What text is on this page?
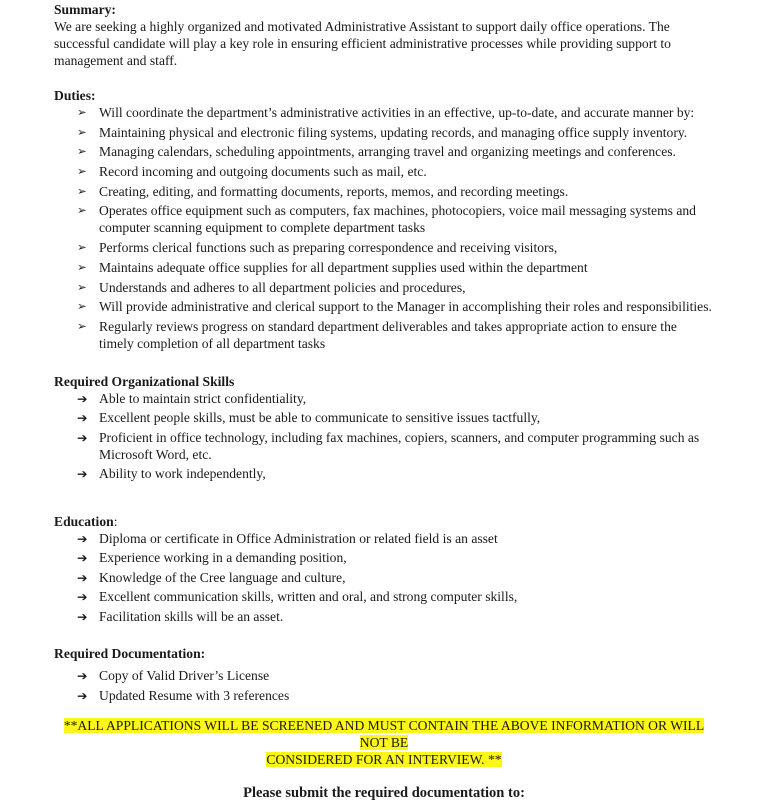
Summary:

We are seeking a highly organized and motivated Administrative Assistant to support daily office operations. The successful candidate will play a key role in ensuring efficient administrative processes while providing support to management and staff.

Duties:

➢ Will coordinate the department’s administrative activities in an effective, up-to-date, and accurate manner by:
➢ Maintaining physical and electronic filing systems, updating records, and managing office supply inventory.
➢ Managing calendars, scheduling appointments, arranging travel and organizing meetings and conferences.
➢ Record incoming and outgoing documents such as mail, etc.
➢ Creating, editing, and formatting documents, reports, memos, and recording meetings.
➢ Operates office equipment such as computers, fax machines, photocopiers, voice mail messaging systems and computer scanning equipment to complete department tasks
➢ Performs clerical functions such as preparing correspondence and receiving visitors,
➢ Maintains adequate office supplies for all department supplies used within the department
➢ Understands and adheres to all department policies and procedures,
➢ Will provide administrative and clerical support to the Manager in accomplishing their roles and responsibilities.
➢ Regularly reviews progress on standard department deliverables and takes appropriate action to ensure the timely completion of all department tasks

Required Organizational Skills

➔ Able to maintain strict confidentiality,
➔ Excellent people skills, must be able to communicate to sensitive issues tactfully,
➔ Proficient in office technology, including fax machines, copiers, scanners, and computer programming such as Microsoft Word, etc.
➔ Ability to work independently,

Education:

➔ Diploma or certificate in Office Administration or related field is an asset
➔ Experience working in a demanding position,
➔ Knowledge of the Cree language and culture,
➔ Excellent communication skills, written and oral, and strong computer skills,
➔ Facilitation skills will be an asset.

Required Documentation:

➔ Copy of Valid Driver’s License
➔ Updated Resume with 3 references
**ALL APPLICATIONS WILL BE SCREENED AND MUST CONTAIN THE ABOVE INFORMATION OR WILL NOT BE
CONSIDERED FOR AN INTERVIEW. **
Please submit the required documentation to:
